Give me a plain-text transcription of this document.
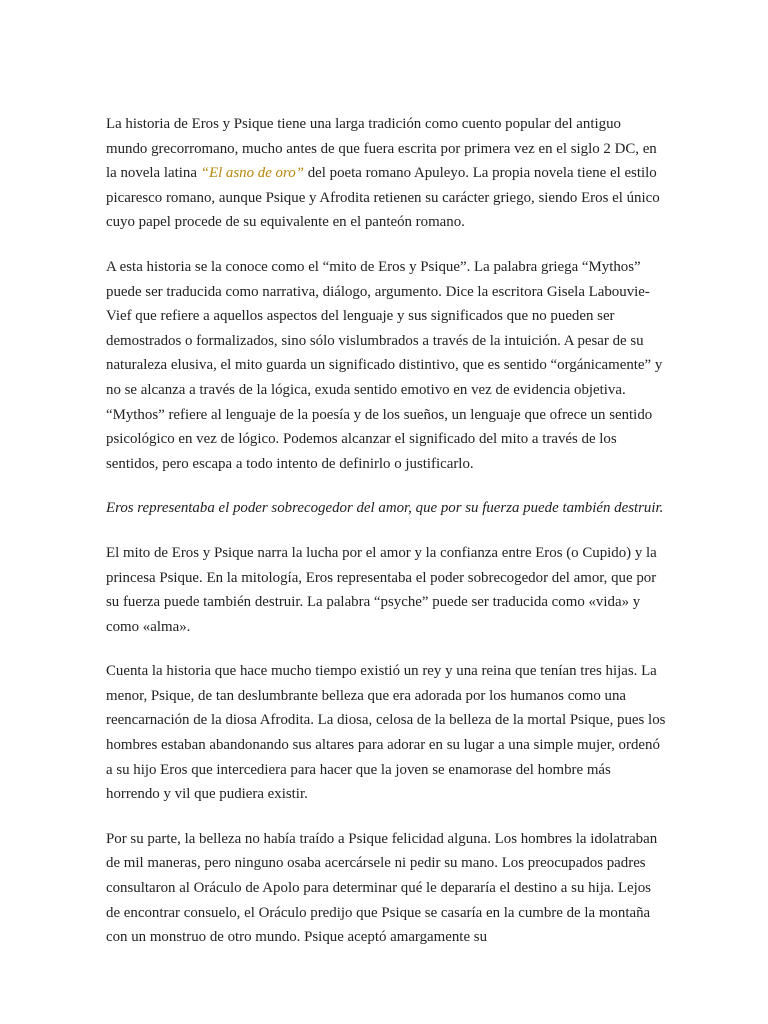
La historia de Eros y Psique tiene una larga tradición como cuento popular del antiguo mundo grecorromano, mucho antes de que fuera escrita por primera vez en el siglo 2 DC, en la novela latina “El asno de oro” del poeta romano Apuleyo. La propia novela tiene el estilo picaresco romano, aunque Psique y Afrodita retienen su carácter griego, siendo Eros el único cuyo papel procede de su equivalente en el panteón romano.

A esta historia se la conoce como el “mito de Eros y Psique”. La palabra griega “Mythos” puede ser traducida como narrativa, diálogo, argumento. Dice la escritora Gisela Labouvie-Vief que refiere a aquellos aspectos del lenguaje y sus significados que no pueden ser demostrados o formalizados, sino sólo vislumbrados a través de la intuición. A pesar de su naturaleza elusiva, el mito guarda un significado distintivo, que es sentido “orgánicamente” y no se alcanza a través de la lógica, exuda sentido emotivo en vez de evidencia objetiva. “Mythos” refiere al lenguaje de la poesía y de los sueños, un lenguaje que ofrece un sentido psicológico en vez de lógico. Podemos alcanzar el significado del mito a través de los sentidos, pero escapa a todo intento de definirlo o justificarlo.

Eros representaba el poder sobrecogedor del amor, que por su fuerza puede también destruir.

El mito de Eros y Psique narra la lucha por el amor y la confianza entre Eros (o Cupido) y la princesa Psique. En la mitología, Eros representaba el poder sobrecogedor del amor, que por su fuerza puede también destruir. La palabra “psyche” puede ser traducida como «vida» y como «alma».

Cuenta la historia que hace mucho tiempo existió un rey y una reina que tenían tres hijas. La menor, Psique, de tan deslumbrante belleza que era adorada por los humanos como una reencarnación de la diosa Afrodita. La diosa, celosa de la belleza de la mortal Psique, pues los hombres estaban abandonando sus altares para adorar en su lugar a una simple mujer, ordenó a su hijo Eros que intercediera para hacer que la joven se enamorase del hombre más horrendo y vil que pudiera existir.

Por su parte, la belleza no había traído a Psique felicidad alguna. Los hombres la idolatraban de mil maneras, pero ninguno osaba acercársele ni pedir su mano. Los preocupados padres consultaron al Oráculo de Apolo para determinar qué le depararía el destino a su hija. Lejos de encontrar consuelo, el Oráculo predijo que Psique se casaría en la cumbre de la montaña con un monstruo de otro mundo. Psique aceptó amargamente su
